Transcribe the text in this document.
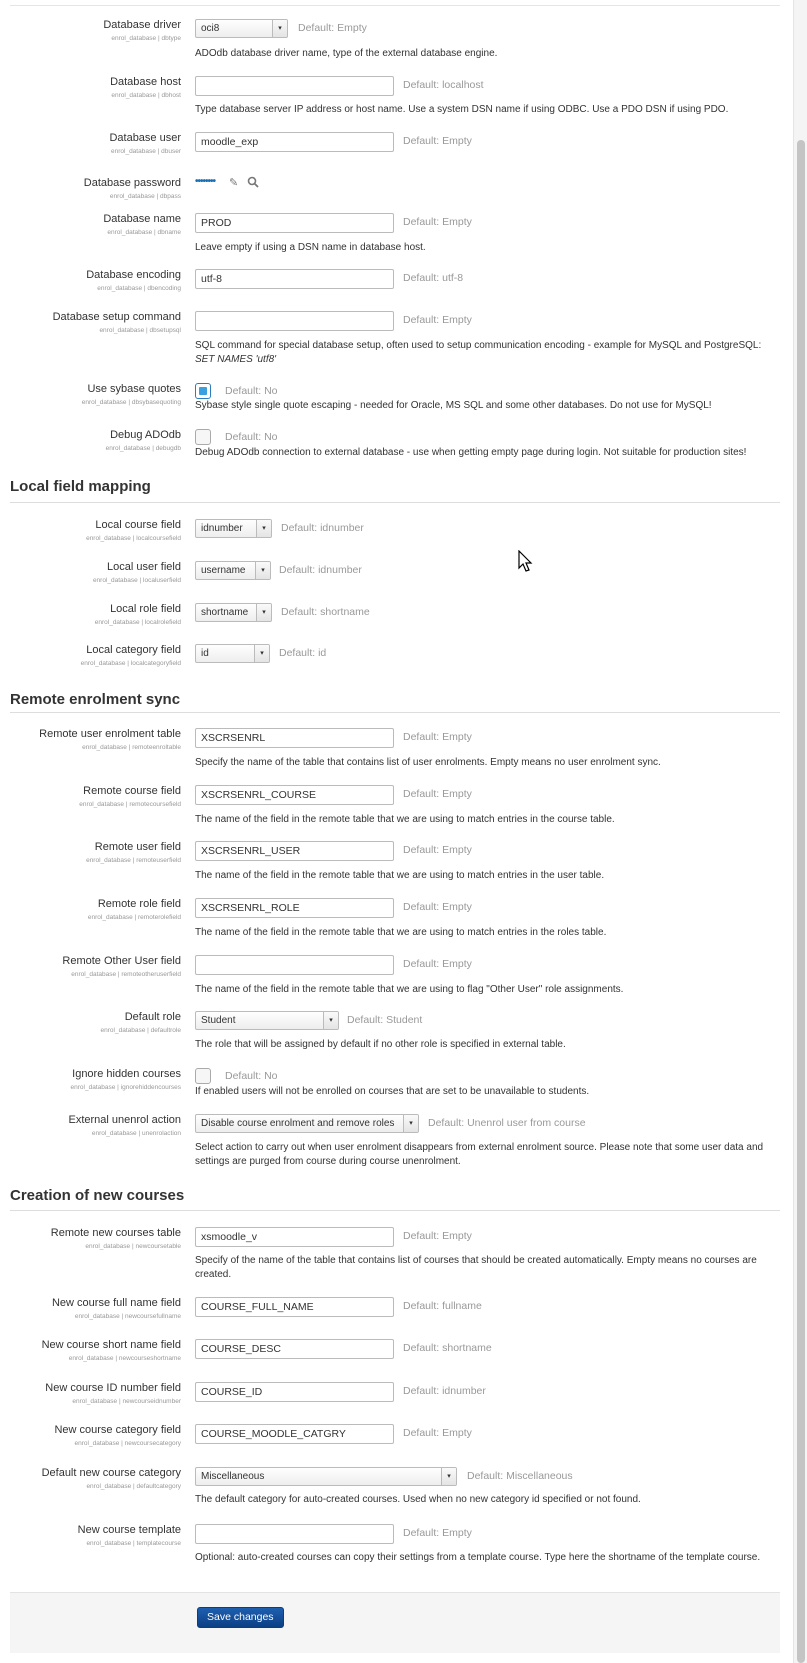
Database driver
enrol_database | dbtype
oci8	▾	Default: Empty
ADOdb database driver name, type of the external database engine.
Database host
enrol_database | dbhost
Default: localhost
Type database server IP address or host name. Use a system DSN name if using ODBC. Use a PDO DSN if using PDO.
Database user
enrol_database | dbuser
moodle_exp	Default: Empty
Database password
enrol_database | dbpass
•••••••• ✎
Database name
enrol_database | dbname
PROD	Default: Empty
Leave empty if using a DSN name in database host.
Database encoding
enrol_database | dbencoding
utf-8	Default: utf-8
Database setup command
enrol_database | dbsetupsql
Default: Empty
SQL command for special database setup, often used to setup communication encoding - example for MySQL and PostgreSQL:
SET NAMES 'utf8'
Use sybase quotes
enrol_database | dbsybasequoting
Default: No
Sybase style single quote escaping - needed for Oracle, MS SQL and some other databases. Do not use for MySQL!
Debug ADOdb
enrol_database | debugdb
Default: No
Debug ADOdb connection to external database - use when getting empty page during login. Not suitable for production sites!
Local field mapping
Local course field
enrol_database | localcoursefield
idnumber	▾	Default: idnumber
Local user field
enrol_database | localuserfield
username	▾	Default: idnumber
Local role field
enrol_database | localrolefield
shortname	▾	Default: shortname
Local category field
enrol_database | localcategoryfield
id	▾	Default: id
Remote enrolment sync
Remote user enrolment table
enrol_database | remoteenroltable
XSCRSENRL	Default: Empty
Specify the name of the table that contains list of user enrolments. Empty means no user enrolment sync.
Remote course field
enrol_database | remotecoursefield
XSCRSENRL_COURSE	Default: Empty
The name of the field in the remote table that we are using to match entries in the course table.
Remote user field
enrol_database | remoteuserfield
XSCRSENRL_USER	Default: Empty
The name of the field in the remote table that we are using to match entries in the user table.
Remote role field
enrol_database | remoterolefield
XSCRSENRL_ROLE	Default: Empty
The name of the field in the remote table that we are using to match entries in the roles table.
Remote Other User field
enrol_database | remoteotheruserfield
Default: Empty
The name of the field in the remote table that we are using to flag "Other User" role assignments.
Default role
enrol_database | defaultrole
Student	▾	Default: Student
The role that will be assigned by default if no other role is specified in external table.
Ignore hidden courses
enrol_database | ignorehiddencourses
Default: No
If enabled users will not be enrolled on courses that are set to be unavailable to students.
External unenrol action
enrol_database | unenrolaction
Disable course enrolment and remove roles	▾	Default: Unenrol user from course
Select action to carry out when user enrolment disappears from external enrolment source. Please note that some user data and settings are purged from course during course unenrolment.
Creation of new courses
Remote new courses table
enrol_database | newcoursetable
xsmoodle_v	Default: Empty
Specify of the name of the table that contains list of courses that should be created automatically. Empty means no courses are created.
New course full name field
enrol_database | newcoursefullname
COURSE_FULL_NAME	Default: fullname
New course short name field
enrol_database | newcourseshortname
COURSE_DESC	Default: shortname
New course ID number field
enrol_database | newcourseidnumber
COURSE_ID	Default: idnumber
New course category field
enrol_database | newcoursecategory
COURSE_MOODLE_CATGRY	Default: Empty
Default new course category
enrol_database | defaultcategory
Miscellaneous	▾	Default: Miscellaneous
The default category for auto-created courses. Used when no new category id specified or not found.
New course template
enrol_database | templatecourse
Default: Empty
Optional: auto-created courses can copy their settings from a template course. Type here the shortname of the template course.
Save changes
